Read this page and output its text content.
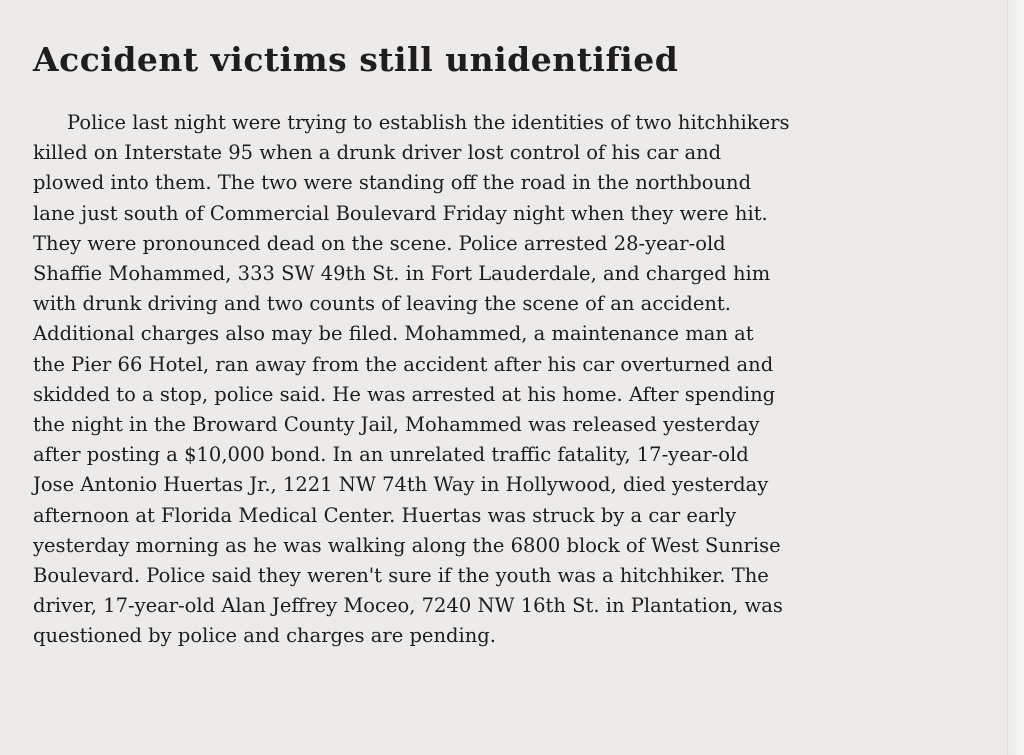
Accident victims still unidentified

Police last night were trying to establish the identities of two hitchhikers
killed on Interstate 95 when a drunk driver lost control of his car and
plowed into them. The two were standing off the road in the northbound
lane just south of Commercial Boulevard Friday night when they were hit.
They were pronounced dead on the scene. Police arrested 28-year-old
Shaffie Mohammed, 333 SW 49th St. in Fort Lauderdale, and charged him
with drunk driving and two counts of leaving the scene of an accident.
Additional charges also may be filed. Mohammed, a maintenance man at
the Pier 66 Hotel, ran away from the accident after his car overturned and
skidded to a stop, police said. He was arrested at his home. After spending
the night in the Broward County Jail, Mohammed was released yesterday
after posting a $10,000 bond. In an unrelated traffic fatality, 17-year-old
Jose Antonio Huertas Jr., 1221 NW 74th Way in Hollywood, died yesterday
afternoon at Florida Medical Center. Huertas was struck by a car early
yesterday morning as he was walking along the 6800 block of West Sunrise
Boulevard. Police said they weren't sure if the youth was a hitchhiker. The
driver, 17-year-old Alan Jeffrey Moceo, 7240 NW 16th St. in Plantation, was
questioned by police and charges are pending.
